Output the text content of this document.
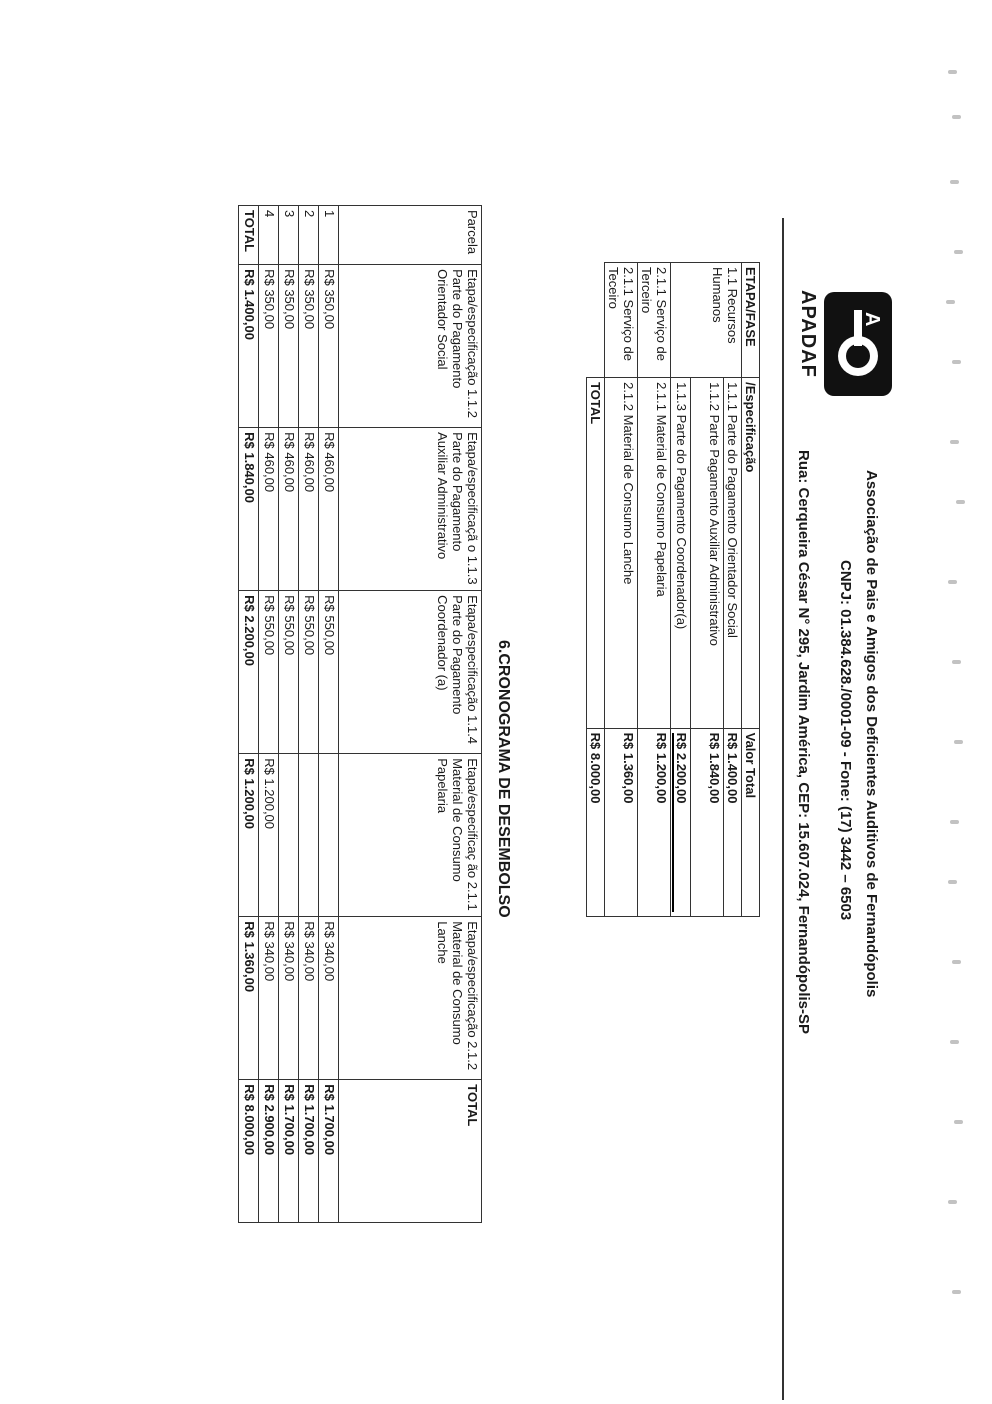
A
APADAF
Associação de Pais e Amigos dos Deficientes Auditivos de Fernandópolis
CNPJ: 01.384.628./0001-09 - Fone: (17) 3442 – 6503
Rua: Cerqueira César N° 295, Jardim América, CEP: 15.607.024, Fernandópolis-SP
ETAPA/FASE	/Especificação	Valor Total
1.1 Recursos Humanos	1.1.1 Parte do Pagamento Orientador Social	R$ 1.400,00
	1.1.2 Parte Pagamento Auxiliar Administrativo	R$ 1.840,00
	1.1.3 Parte do Pagamento Coordenador(a)	R$ 2.200,00

2.1.1 Serviço de Terceiro	2.1.1 Material de Consumo Papelaria	R$ 1.200,00
2.1.1 Serviço de Teceiro	2.1.2 Material de Consumo Lanche	R$ 1.360,00
	TOTAL	R$ 8.000,00
6.CRONOGRAMA DE DESEMBOLSO
Parcela	Etapa/especificação 1.1.2 Parte do Pagamento Orientador Social	Etapa/especificaçã o 1.1.3 Parte do Pagamento Auxiliar Administrativo	Etapa/especificação 1.1.4 Parte do Pagamento Coordenador (a)	Etapa/especificaç ão 2.1.1 Material de Consumo Papelaria	Etapa/especificação 2.1.2 Material de Consumo Lanche	TOTAL
1	R$ 350,00	R$ 460,00	R$ 550,00		R$ 340,00	R$ 1.700,00
2	R$ 350,00	R$ 460,00	R$ 550,00		R$ 340,00	R$ 1.700,00
3	R$ 350,00	R$ 460,00	R$ 550,00		R$ 340,00	R$ 1.700,00
4	R$ 350,00	R$ 460,00	R$ 550,00	R$ 1.200,00	R$ 340,00	R$ 2.900,00
TOTAL	R$ 1.400,00	R$ 1.840,00	R$ 2.200,00	R$ 1.200,00	R$ 1.360,00	R$ 8.000,00
